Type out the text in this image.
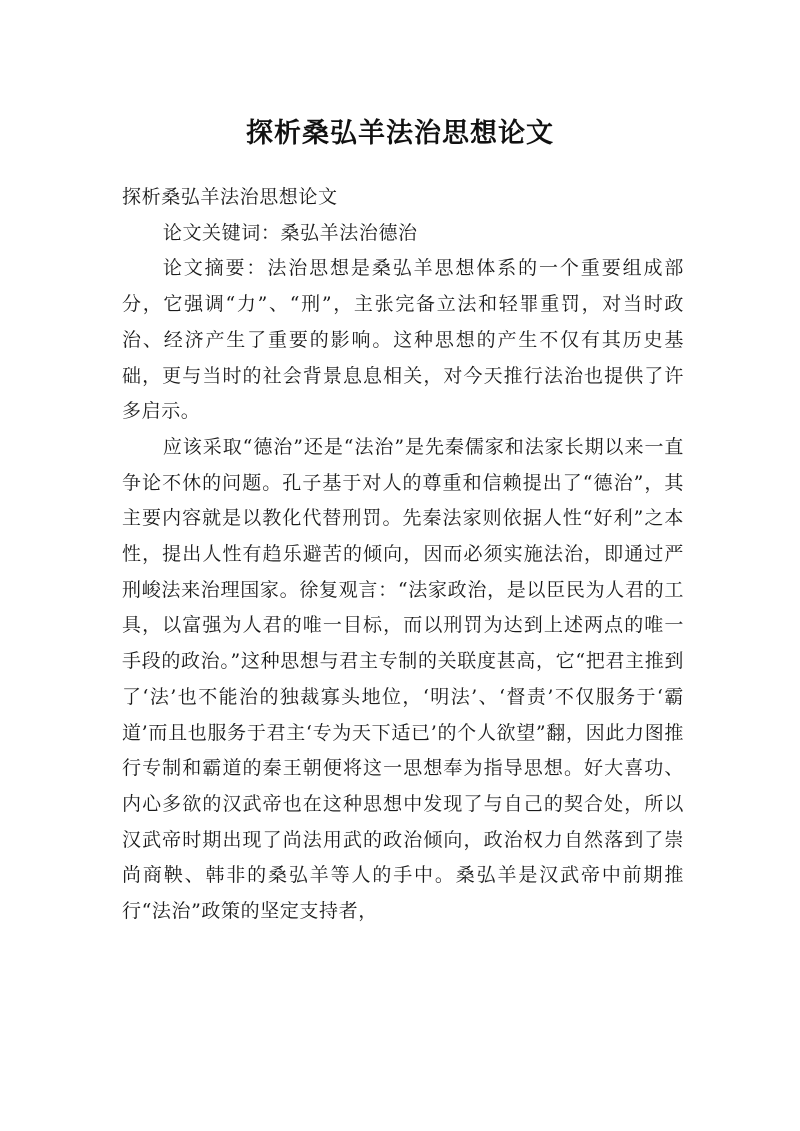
探析桑弘羊法治思想论文

探析桑弘羊法治思想论文

论文关键词：桑弘羊法治德治

论文摘要：法治思想是桑弘羊思想体系的一个重要组成部分，它强调“力”、“刑”，主张完备立法和轻罪重罚，对当时政治、经济产生了重要的影响。这种思想的产生不仅有其历史基础，更与当时的社会背景息息相关，对今天推行法治也提供了许多启示。

应该采取“德治”还是“法治”是先秦儒家和法家长期以来一直争论不休的问题。孔子基于对人的尊重和信赖提出了“德治”，其主要内容就是以教化代替刑罚。先秦法家则依据人性“好利”之本性，提出人性有趋乐避苦的倾向，因而必须实施法治，即通过严刑峻法来治理国家。徐复观言：“法家政治，是以臣民为人君的工具，以富强为人君的唯一目标，而以刑罚为达到上述两点的唯一手段的政治。”这种思想与君主专制的关联度甚高，它“把君主推到了‘法’也不能治的独裁寡头地位，‘明法’、‘督责’不仅服务于‘霸道’而且也服务于君主‘专为天下适已’的个人欲望”翻，因此力图推行专制和霸道的秦王朝便将这一思想奉为指导思想。好大喜功、内心多欲的汉武帝也在这种思想中发现了与自己的契合处，所以汉武帝时期出现了尚法用武的政治倾向，政治权力自然落到了崇尚商鞅、韩非的桑弘羊等人的手中。桑弘羊是汉武帝中前期推行“法治”政策的坚定支持者，
